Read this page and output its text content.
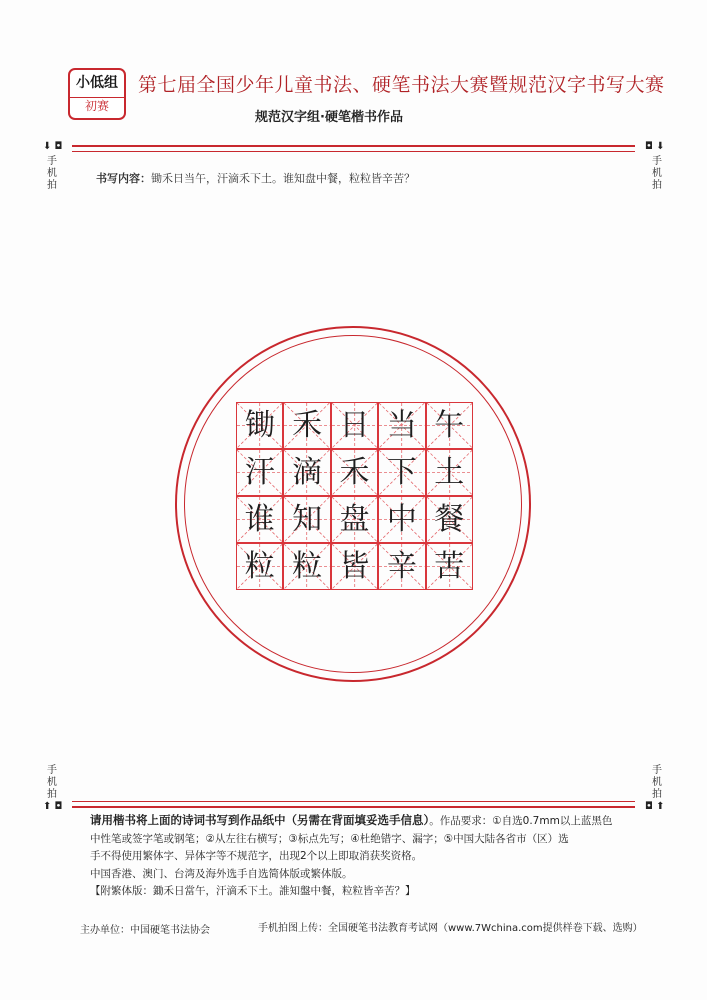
小低组
初赛
第七届全国少年儿童书法、硬笔书法大赛暨规范汉字书写大赛
规范汉字组·硬笔楷书作品
⬇ ◘
手机拍
◘ ⬇
手机拍
书写内容：锄禾日当午，汗滴禾下土。谁知盘中餐，粒粒皆辛苦？
锄 禾 日 当 午
汗 滴 禾 下 土
谁 知 盘 中 餐
粒 粒 皆 辛 苦
手机拍
⬆ ◘
手机拍
◘ ⬆
请用楷书将上面的诗词书写到作品纸中（另需在背面填妥选手信息）。作品要求：①自选0.7mm以上蓝黑色
中性笔或签字笔或钢笔；②从左往右横写；③标点先写；④杜绝错字、漏字；⑤中国大陆各省市（区）选
手不得使用繁体字、异体字等不规范字，出现2个以上即取消获奖资格。
中国香港、澳门、台湾及海外选手自选简体版或繁体版。
【附繁体版：鋤禾日當午，汗滴禾下土。誰知盤中餐，粒粒皆辛苦？】
主办单位：中国硬笔书法协会	手机拍图上传：全国硬笔书法教育考试网（www.7Wchina.com提供样卷下载、选购）
